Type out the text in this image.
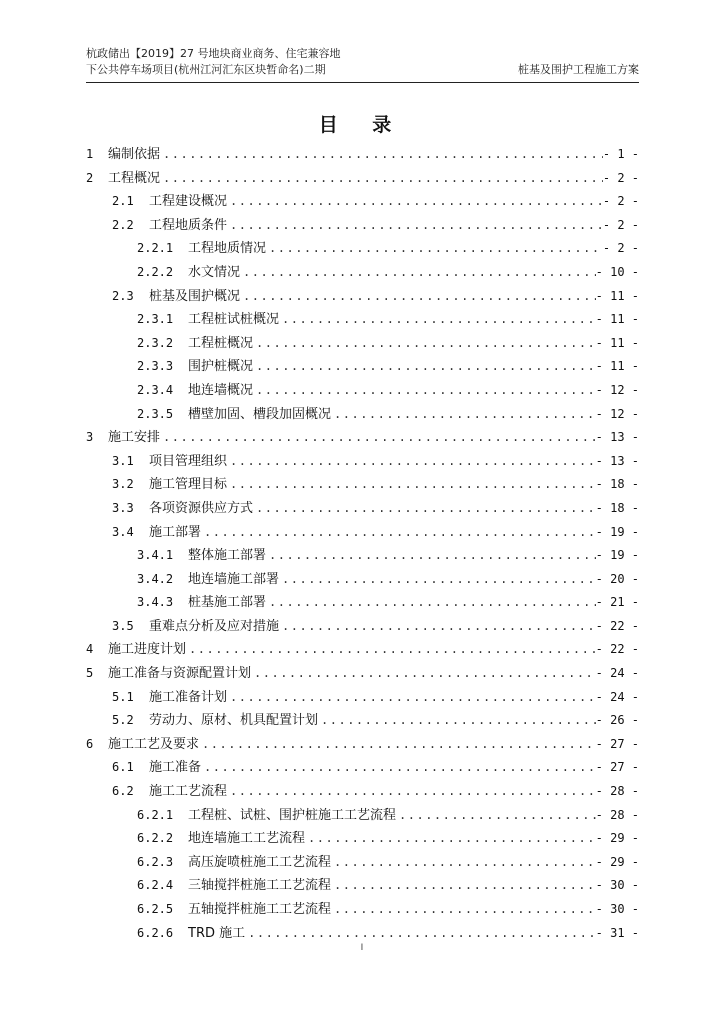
杭政储出【2019】27 号地块商业商务、住宅兼容地
下公共停车场项目(杭州江河汇东区块暂命名)二期	桩基及围护工程施工方案
目 录
1	编制依据 .....	- 1 -
2	工程概况 .....	- 2 -
2.1	工程建设概况 .....	- 2 -
2.2	工程地质条件 .....	- 2 -
2.2.1	工程地质情况 .....	- 2 -
2.2.2	水文情况 .....	- 10 -
2.3	桩基及围护概况 .....	- 11 -
2.3.1	工程桩试桩概况 .....	- 11 -
2.3.2	工程桩概况 .....	- 11 -
2.3.3	围护桩概况 .....	- 11 -
2.3.4	地连墙概况 .....	- 12 -
2.3.5	槽壁加固、槽段加固概况 .....	- 12 -
3	施工安排 .....	- 13 -
3.1	项目管理组织 .....	- 13 -
3.2	施工管理目标 .....	- 18 -
3.3	各项资源供应方式 .....	- 18 -
3.4	施工部署 .....	- 19 -
3.4.1	整体施工部署 .....	- 19 -
3.4.2	地连墙施工部署 .....	- 20 -
3.4.3	桩基施工部署 .....	- 21 -
3.5	重难点分析及应对措施 .....	- 22 -
4	施工进度计划 .....	- 22 -
5	施工准备与资源配置计划 .....	- 24 -
5.1	施工准备计划 .....	- 24 -
5.2	劳动力、原材、机具配置计划 .....	- 26 -
6	施工工艺及要求 .....	- 27 -
6.1	施工准备 .....	- 27 -
6.2	施工工艺流程 .....	- 28 -
6.2.1	工程桩、试桩、围护桩施工工艺流程 .....	- 28 -
6.2.2	地连墙施工工艺流程 .....	- 29 -
6.2.3	高压旋喷桩施工工艺流程 .....	- 29 -
6.2.4	三轴搅拌桩施工工艺流程 .....	- 30 -
6.2.5	五轴搅拌桩施工工艺流程 .....	- 30 -
6.2.6	TRD 施工 .....	- 31 -
I
